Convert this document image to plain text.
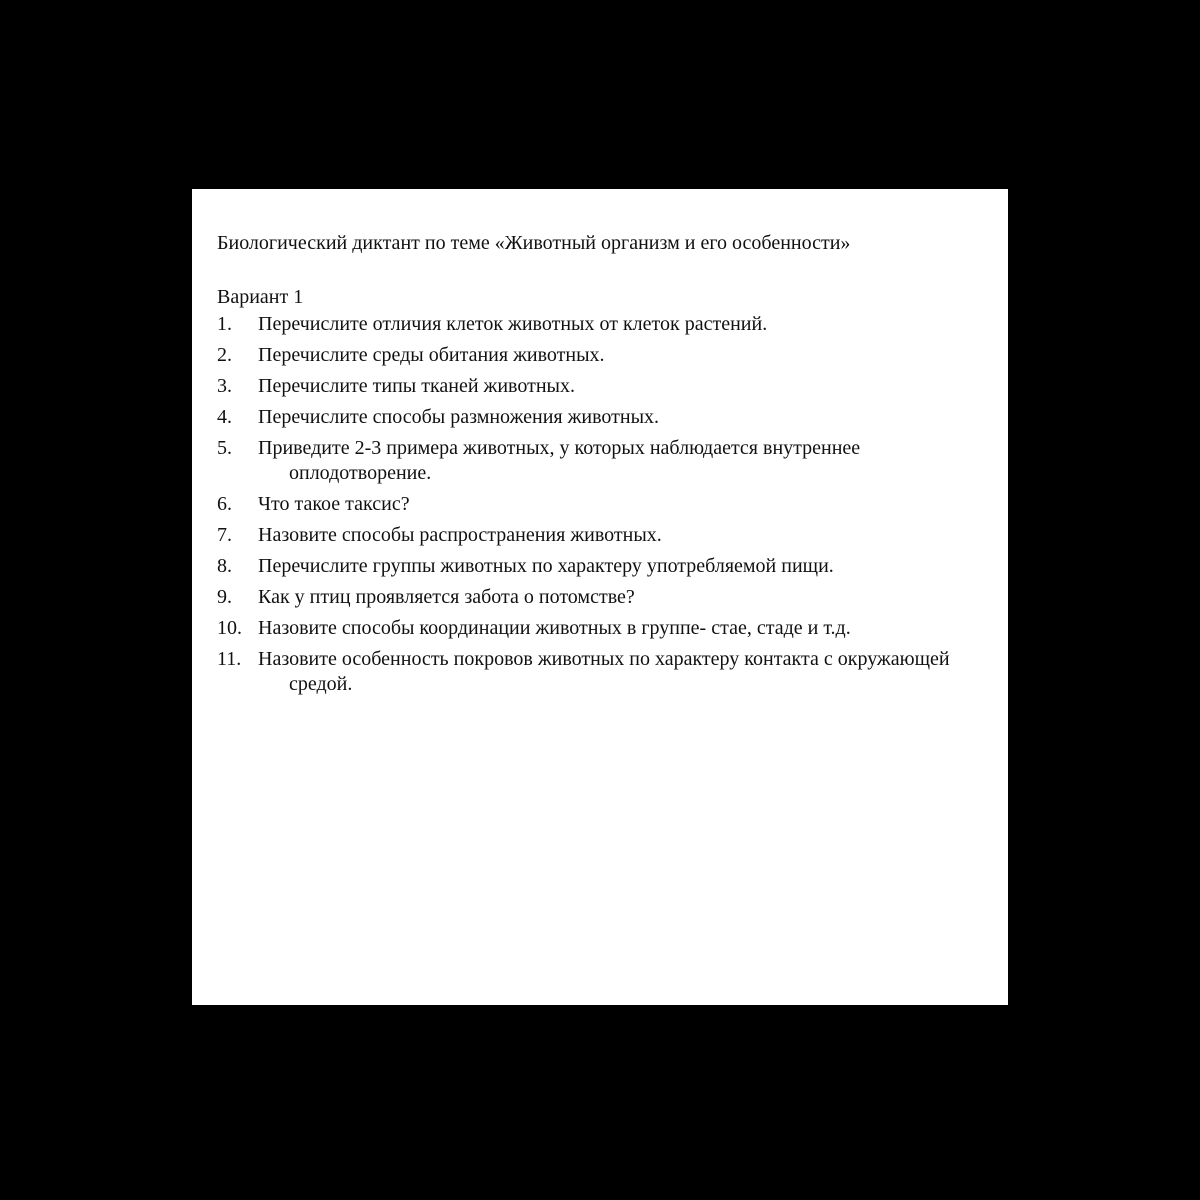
Биологический диктант по теме «Животный организм и его особенности»

Вариант 1

1. Перечислите отличия клеток животных от клеток растений.
2. Перечислите среды обитания животных.
3. Перечислите типы тканей животных.
4. Перечислите способы размножения животных.
5. Приведите 2-3 примера животных, у которых наблюдается внутреннее оплодотворение.
6. Что такое таксис?
7. Назовите способы распространения животных.
8. Перечислите группы животных по характеру употребляемой пищи.
9. Как у птиц проявляется забота о потомстве?
10. Назовите способы координации животных в группе- стае, стаде и т.д.
11. Назовите особенность покровов животных по характеру контакта с окружающей средой.
